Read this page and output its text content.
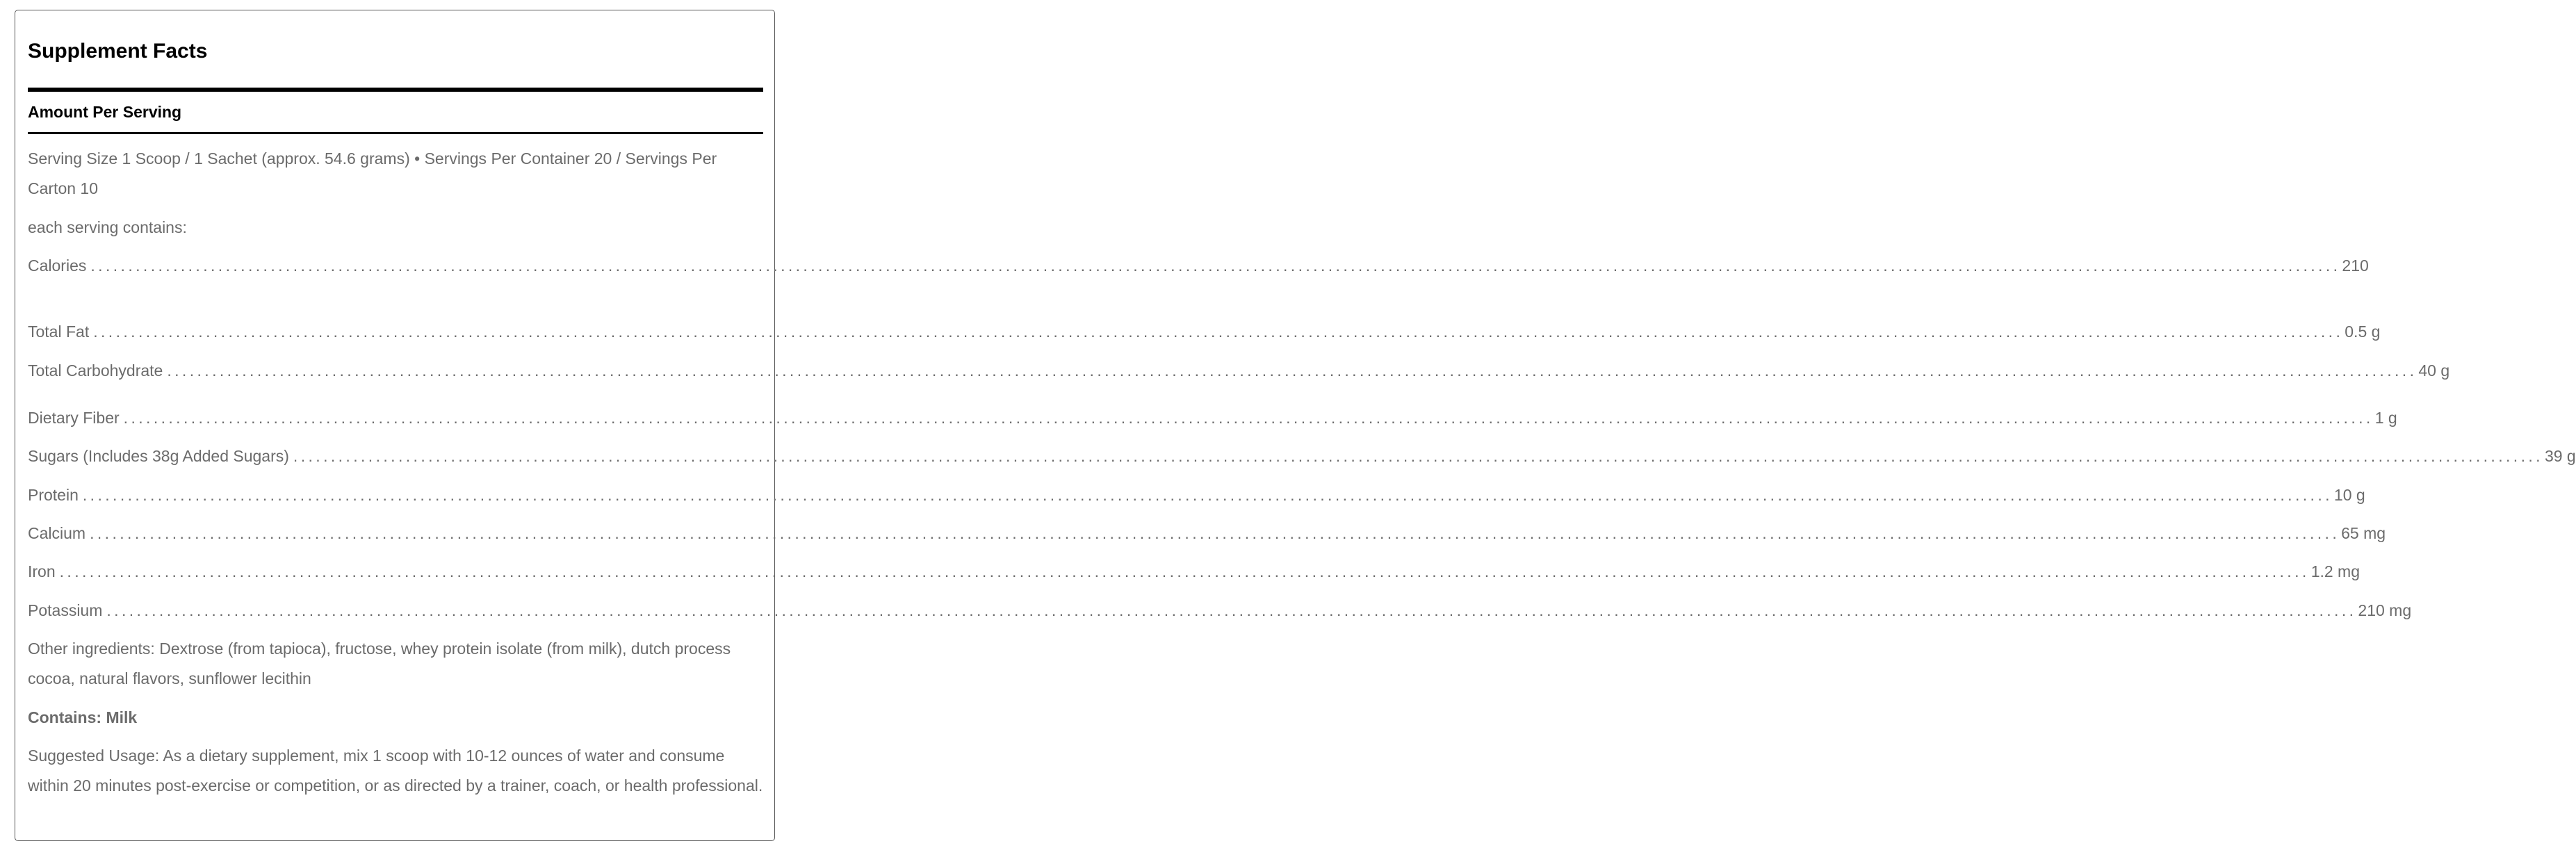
Supplement Facts
Amount Per Serving
Serving Size 1 Scoop / 1 Sachet (approx. 54.6 grams) • Servings Per Container 20 / Servings Per Carton 10
each serving contains:
Calories ............................................................................................................................................................................................................................................................................................................ 210
Total Fat ............................................................................................................................................................................................................................................................................................................ 0.5 g
Total Carbohydrate ............................................................................................................................................................................................................................................................................................................ 40 g
Dietary Fiber ............................................................................................................................................................................................................................................................................................................ 1 g
Sugars (Includes 38g Added Sugars) ............................................................................................................................................................................................................................................................................................................ 39 g
Protein ............................................................................................................................................................................................................................................................................................................ 10 g
Calcium ............................................................................................................................................................................................................................................................................................................ 65 mg
Iron ............................................................................................................................................................................................................................................................................................................ 1.2 mg
Potassium ............................................................................................................................................................................................................................................................................................................ 210 mg
Other ingredients: Dextrose (from tapioca), fructose, whey protein isolate (from milk), dutch process cocoa, natural flavors, sunflower lecithin
Contains: Milk
Suggested Usage: As a dietary supplement, mix 1 scoop with 10-12 ounces of water and consume within 20 minutes post-exercise or competition, or as directed by a trainer, coach, or health professional.
